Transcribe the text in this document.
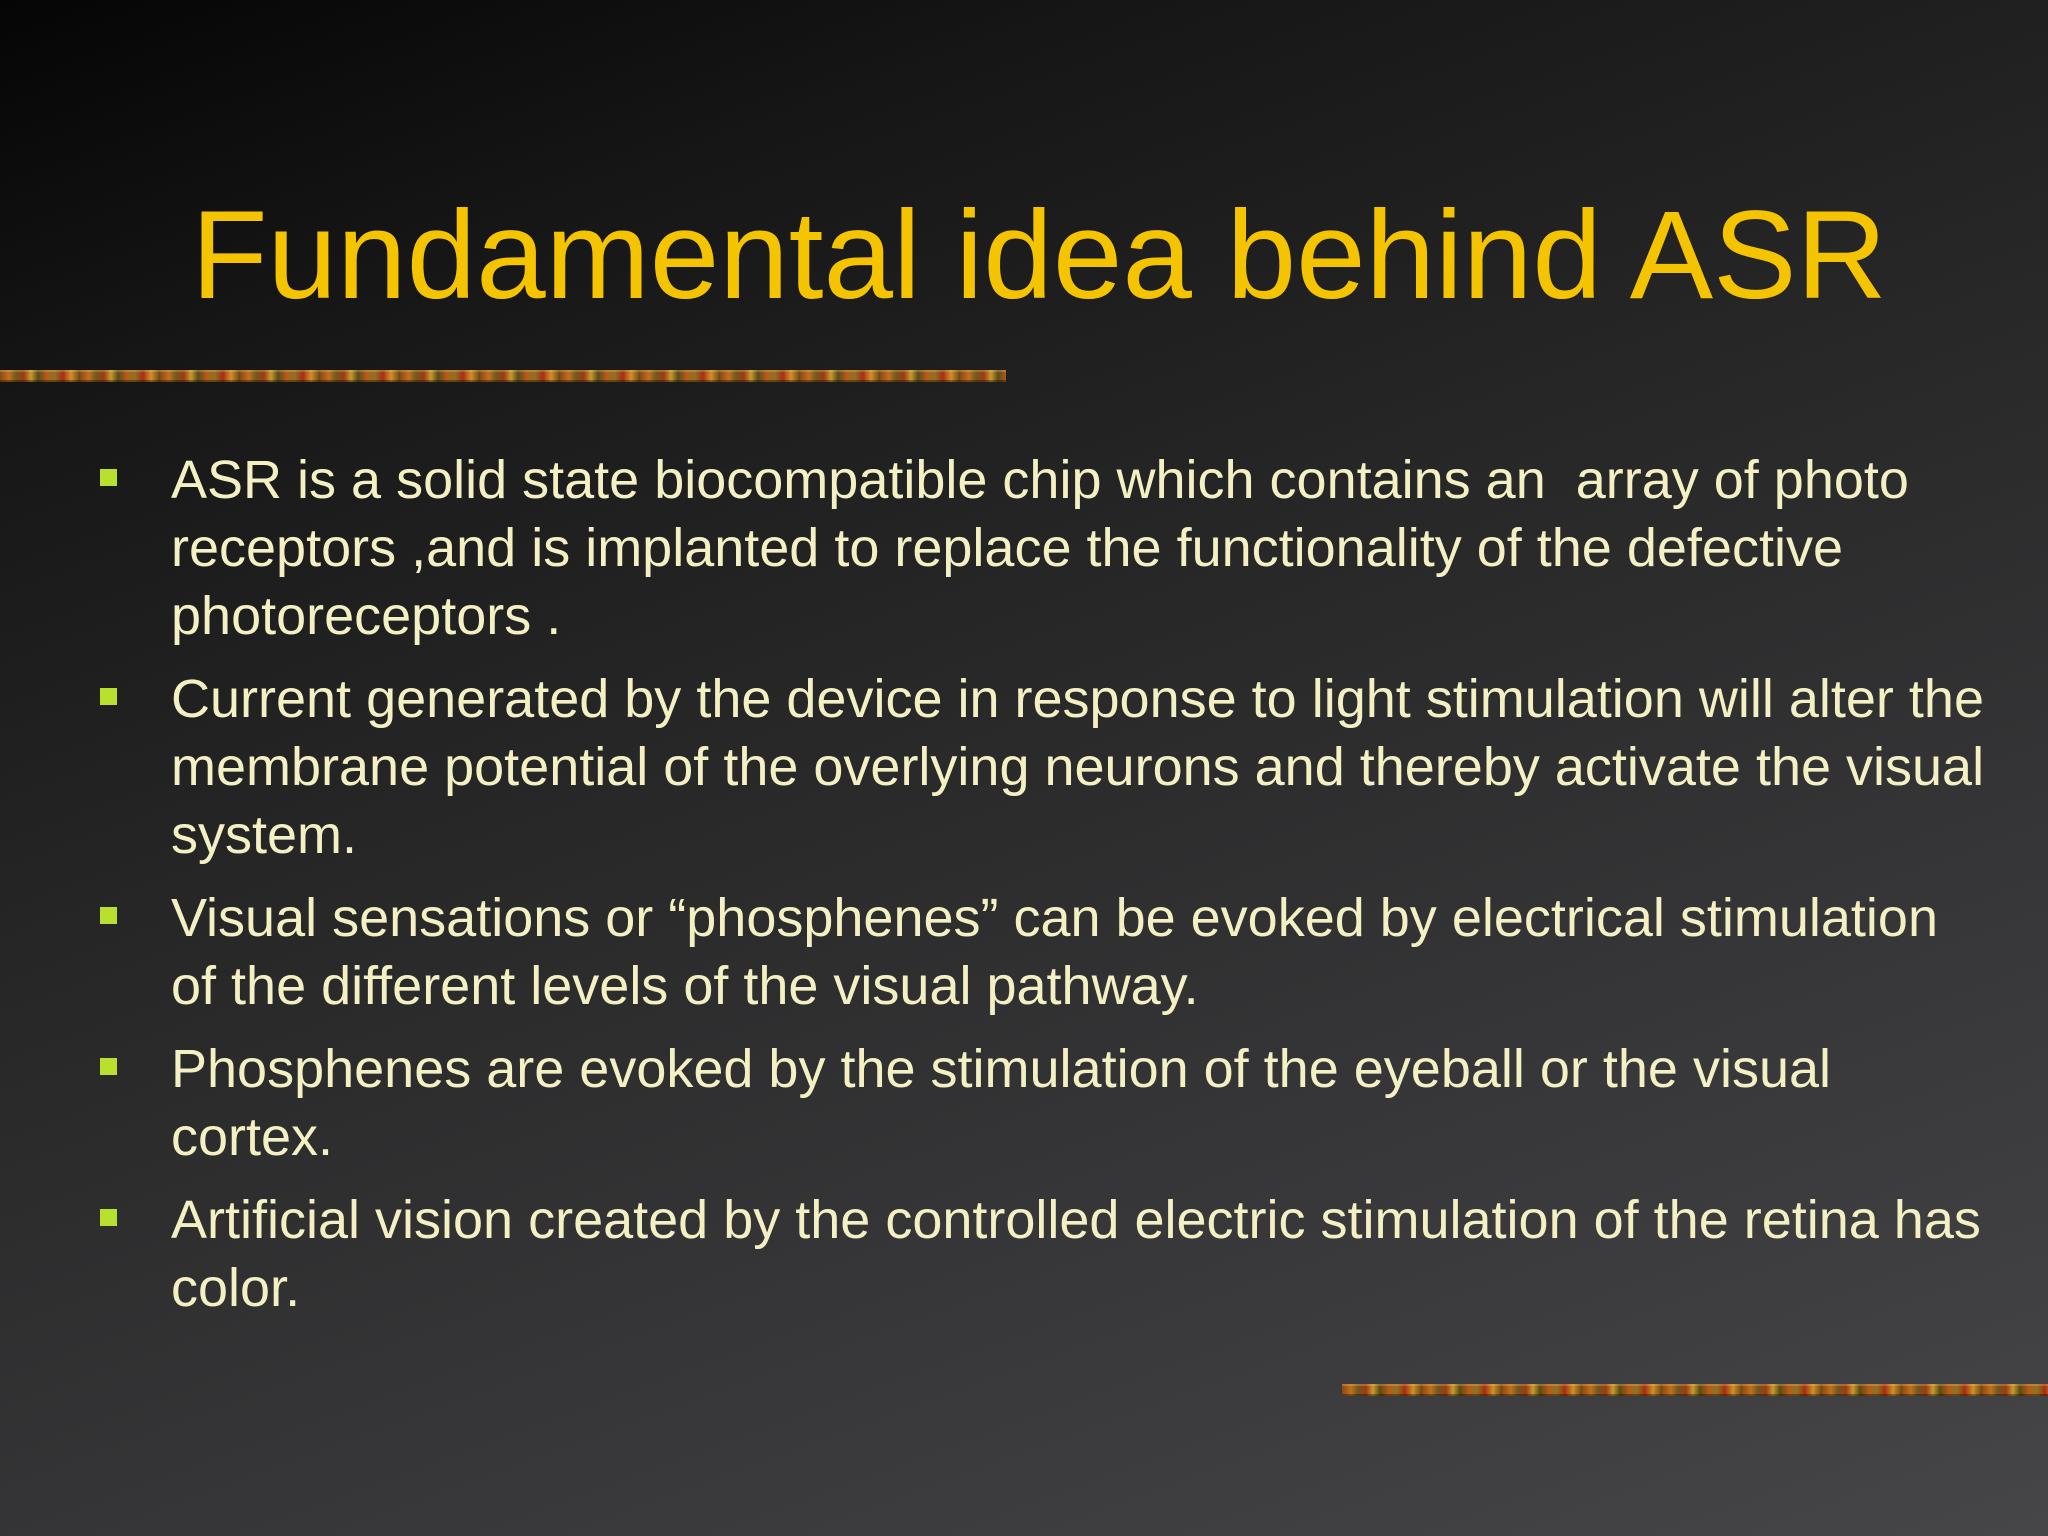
Fundamental idea behind ASR
ASR is a solid state biocompatible chip which contains an  array of photo receptors ,and is implanted to replace the functionality of the defective photoreceptors .
Current generated by the device in response to light stimulation will alter the membrane potential of the overlying neurons and thereby activate the visual system.
Visual sensations or “phosphenes” can be evoked by electrical stimulation of the different levels of the visual pathway.
Phosphenes are evoked by the stimulation of the eyeball or the visual cortex.
Artificial vision created by the controlled electric stimulation of the retina has color.
